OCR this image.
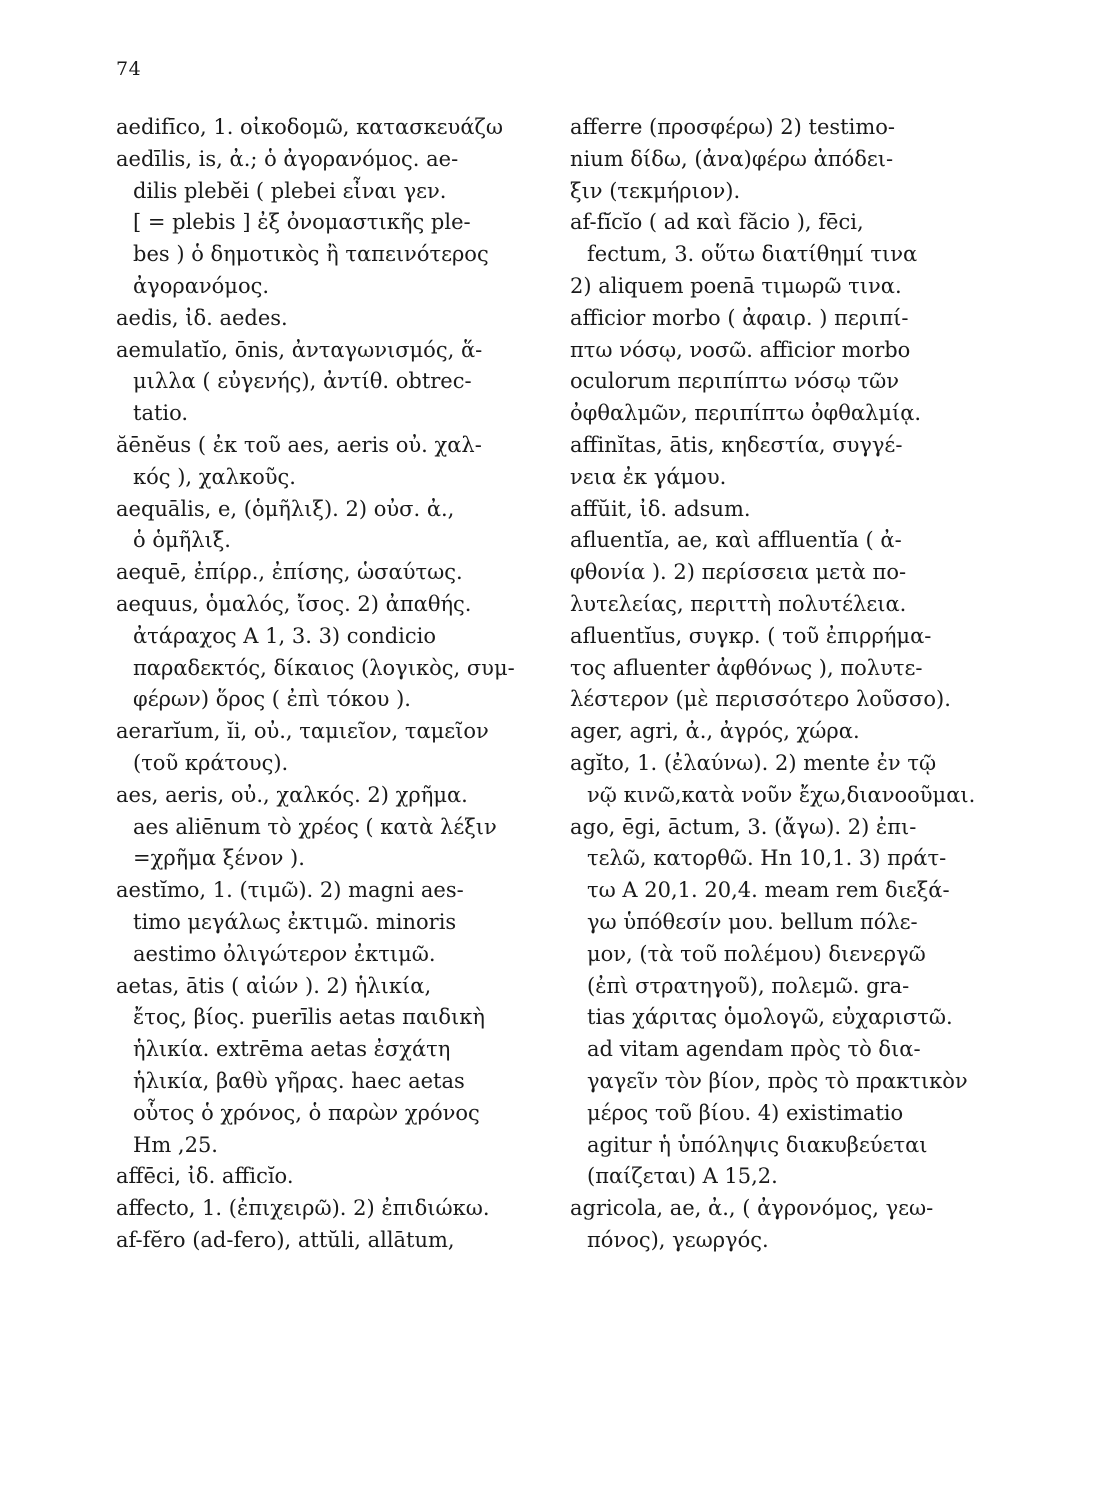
74
aedifīco, 1. οἰκοδομῶ, κατασκευάζω
aedīlis, is, ἀ.; ὁ ἀγορανόμος. ae-
dilis plebĕi ( plebei εἶναι γεν.
[ = plebis ] ἐξ ὀνομαστικῆς ple-
bes ) ὁ δημοτικὸς ἢ ταπεινότερος
ἀγορανόμος.
aedis, ἰδ. aedes.
aemulatĭo, ōnis, ἀνταγωνισμός, ἅ-
μιλλα ( εὐγενής), ἀντίθ. obtrec-
tatio.
ăēnĕus ( ἐκ τοῦ aes, aeris οὐ. χαλ-
κός ), χαλκοῦς.
aequālis, e, (ὁμῆλιξ). 2) οὐσ. ἀ.,
ὁ ὁμῆλιξ.
aequē, ἐπίρρ., ἐπίσης, ὡσαύτως.
aequus, ὁμαλός, ἴσος. 2) ἀπαθής.
ἀτάραχος A 1, 3. 3) condicio
παραδεκτός, δίκαιος (λογικὸς, συμ-
φέρων) ὅρος ( ἐπὶ τόκου ).
aerarĭum, ĭi, οὐ., ταμιεῖον, ταμεῖον
(τοῦ κράτους).
aes, aeris, οὐ., χαλκός. 2) χρῆμα.
aes aliēnum τὸ χρέος ( κατὰ λέξιν
=χρῆμα ξένον ).
aestĭmo, 1. (τιμῶ). 2) magni aes-
timo μεγάλως ἐκτιμῶ. minoris
aestimo ὀλιγώτερον ἐκτιμῶ.
aetas, ātis ( αἰών ). 2) ἡλικία,
ἔτος, βίος. puerīlis aetas παιδικὴ
ἡλικία. extrēma aetas ἐσχάτη
ἡλικία, βαθὺ γῆρας. haec aetas
οὗτος ὁ χρόνος, ὁ παρὼν χρόνος
Hm ,25.
affēci, ἰδ. afficĭo.
affecto, 1. (ἐπιχειρῶ). 2) ἐπιδιώκω.
af-fĕro (ad-fero), attŭli, allātum,
afferre (προσφέρω) 2) testimo-
nium δίδω, (ἀνα)φέρω ἀπόδει-
ξιν (τεκμήριον).
af-fĭcĭo ( ad καὶ făcio ), fēci,
fectum, 3. οὕτω διατίθημί τινα
2) aliquem poenā τιμωρῶ τινα.
afficior morbo ( ἀφαιρ. ) περιπί-
πτω νόσῳ, νοσῶ. afficior morbo
oculorum περιπίπτω νόσῳ τῶν
ὀφθαλμῶν, περιπίπτω ὀφθαλμίᾳ.
affinĭtas, ātis, κηδεστία, συγγέ-
νεια ἐκ γάμου.
affŭit, ἰδ. adsum.
afluentĭa, ae, καὶ affluentĭa ( ἀ-
φθονία ). 2) περίσσεια μετὰ πο-
λυτελείας, περιττὴ πολυτέλεια.
afluentĭus, συγκρ. ( τοῦ ἐπιρρήμα-
τος afluenter ἀφθόνως ), πολυτε-
λέστερον (μὲ περισσότερο λοῦσσο).
ager, agri, ἀ., ἀγρός, χώρα.
agĭto, 1. (ἐλαύνω). 2) mente ἐν τῷ
νῷ κινῶ,κατὰ νοῦν ἔχω,διανοοῦμαι.
ago, ēgi, āctum, 3. (ἄγω). 2) ἐπι-
τελῶ, κατορθῶ. Hn 10,1. 3) πράτ-
τω A 20,1. 20,4. meam rem διεξά-
γω ὑπόθεσίν μου. bellum πόλε-
μον, (τὰ τοῦ πολέμου) διενεργῶ
(ἐπὶ στρατηγοῦ), πολεμῶ. gra-
tias χάριτας ὁμολογῶ, εὐχαριστῶ.
ad vitam agendam πρὸς τὸ δια-
γαγεῖν τὸν βίον, πρὸς τὸ πρακτικὸν
μέρος τοῦ βίου. 4) existimatio
agitur ἡ ὑπόληψις διακυβεύεται
(παίζεται) A 15,2.
agricola, ae, ἀ., ( ἀγρονόμος, γεω-
πόνος), γεωργός.
